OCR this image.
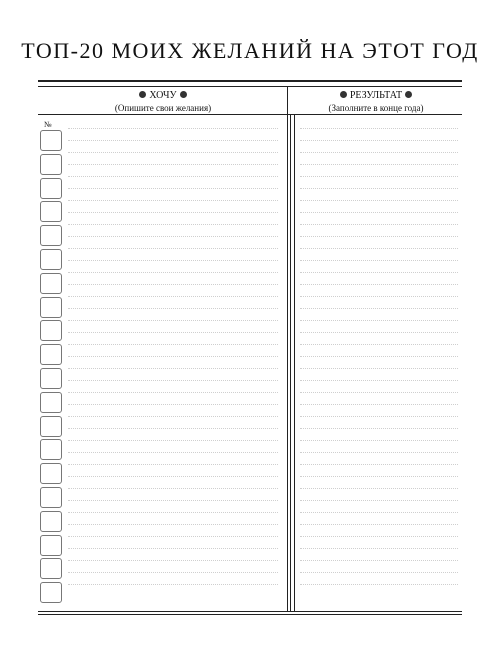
ТОП-20 МОИХ ЖЕЛАНИЙ НА ЭТОТ ГОД
ХОЧУ
(Опишите свои желания)
РЕЗУЛЬТАТ
(Заполните в конце года)
№
